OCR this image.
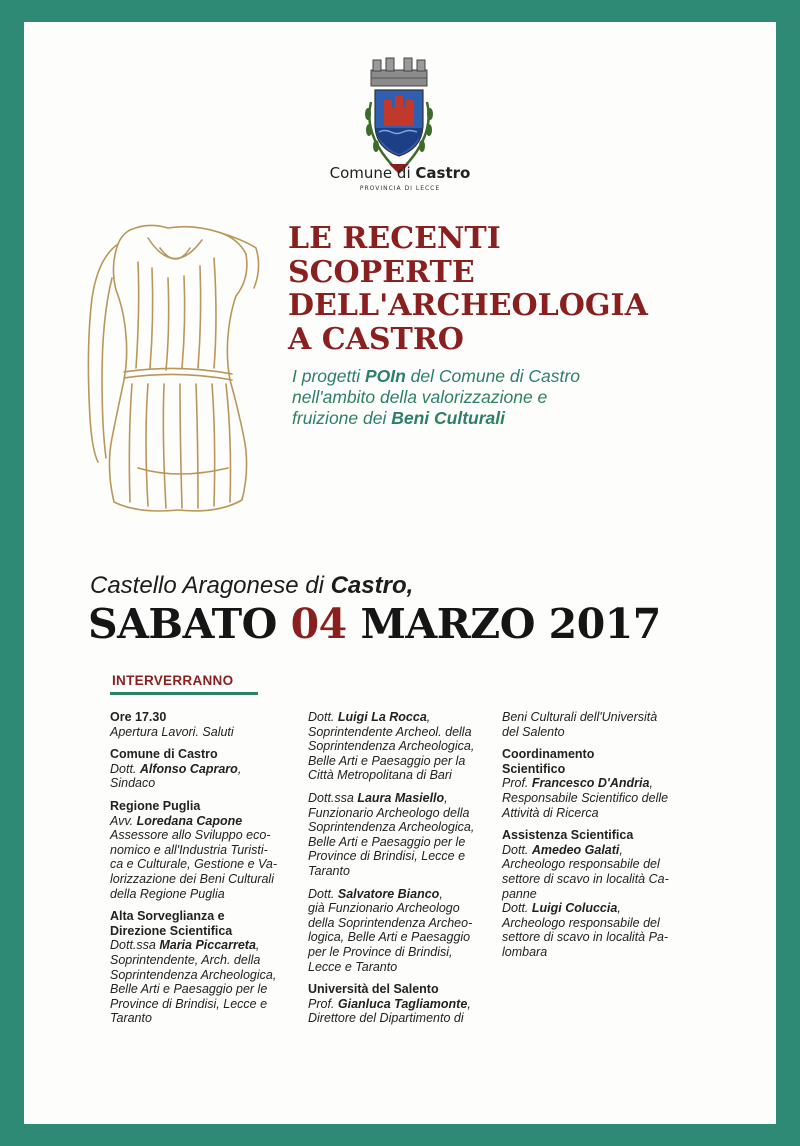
Comune di Castro
PROVINCIA DI LECCE
LE RECENTI
SCOPERTE
DELL'ARCHEOLOGIA
A CASTRO
I progetti POIn del Comune di Castro
nell'ambito della valorizzazione e
fruizione dei Beni Culturali
Castello Aragonese di Castro,
SABATO 04 MARZO 2017
INTERVERRANNO
Ore 17.30
Apertura Lavori. Saluti
Comune di Castro
Dott. Alfonso Capraro,
Sindaco
Regione Puglia
Avv. Loredana Capone
Assessore allo Sviluppo eco-
nomico e all'Industria Turisti-
ca e Culturale, Gestione e Va-
lorizzazione dei Beni Culturali
della Regione Puglia
Alta Sorveglianza e
Direzione Scientifica
Dott.ssa Maria Piccarreta,
Soprintendente, Arch. della
Soprintendenza Archeologica,
Belle Arti e Paesaggio per le
Province di Brindisi, Lecce e
Taranto
Dott. Luigi La Rocca,
Soprintendente Archeol. della
Soprintendenza Archeologica,
Belle Arti e Paesaggio per la
Città Metropolitana di Bari
Dott.ssa Laura Masiello,
Funzionario Archeologo della
Soprintendenza Archeologica,
Belle Arti e Paesaggio per le
Province di Brindisi, Lecce e
Taranto
Dott. Salvatore Bianco,
già Funzionario Archeologo
della Soprintendenza Archeo-
logica, Belle Arti e Paesaggio
per le Province di Brindisi,
Lecce e Taranto
Università del Salento
Prof. Gianluca Tagliamonte,
Direttore del Dipartimento di
Beni Culturali dell'Università
del Salento
Coordinamento
Scientifico
Prof. Francesco D'Andria,
Responsabile Scientifico delle
Attività di Ricerca
Assistenza Scientifica
Dott. Amedeo Galati,
Archeologo responsabile del
settore di scavo in località Ca-
panne
Dott. Luigi Coluccia,
Archeologo responsabile del
settore di scavo in località Pa-
lombara
